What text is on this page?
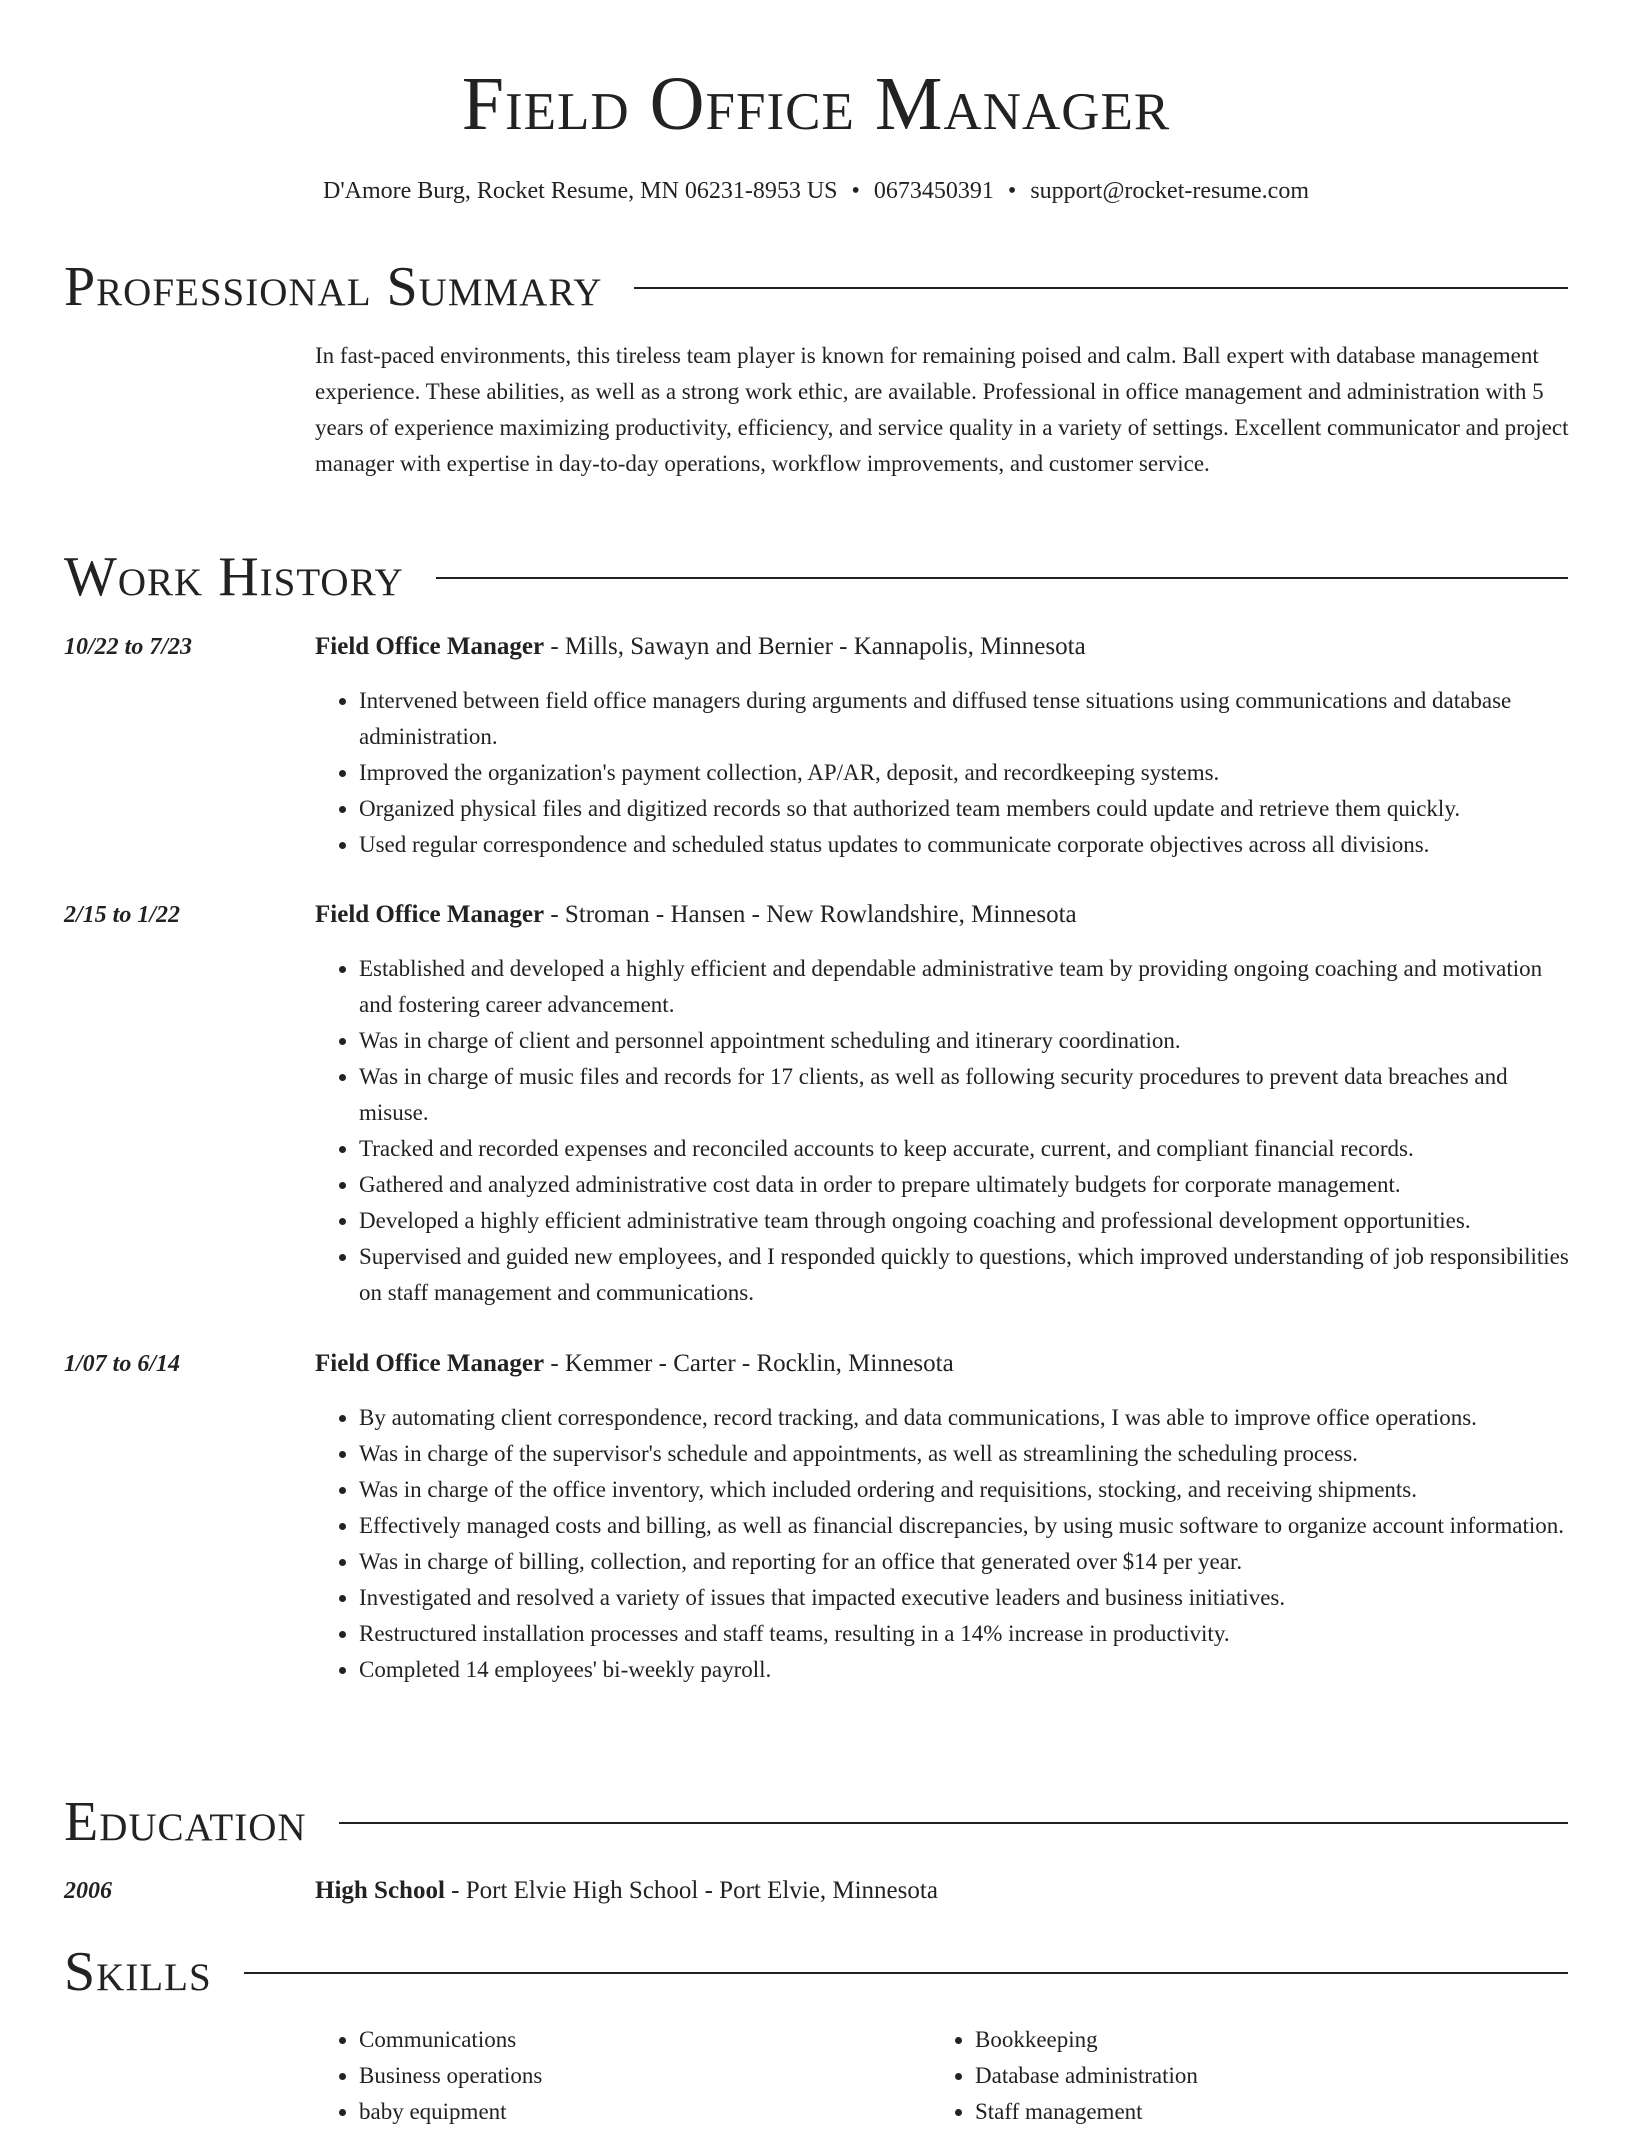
Field Office Manager
D'Amore Burg, Rocket Resume, MN 06231-8953 US • 0673450391 • support@rocket-resume.com
Professional Summary
In fast-paced environments, this tireless team player is known for remaining poised and calm. Ball expert with database management experience. These abilities, as well as a strong work ethic, are available. Professional in office management and administration with 5 years of experience maximizing productivity, efficiency, and service quality in a variety of settings. Excellent communicator and project manager with expertise in day-to-day operations, workflow improvements, and customer service.
Work History
10/22 to 7/23	Field Office Manager - Mills, Sawayn and Bernier - Kannapolis, Minnesota
• Intervened between field office managers during arguments and diffused tense situations using communications and database administration.
• Improved the organization's payment collection, AP/AR, deposit, and recordkeeping systems.
• Organized physical files and digitized records so that authorized team members could update and retrieve them quickly.
• Used regular correspondence and scheduled status updates to communicate corporate objectives across all divisions.
2/15 to 1/22	Field Office Manager - Stroman - Hansen - New Rowlandshire, Minnesota
• Established and developed a highly efficient and dependable administrative team by providing ongoing coaching and motivation and fostering career advancement.
• Was in charge of client and personnel appointment scheduling and itinerary coordination.
• Was in charge of music files and records for 17 clients, as well as following security procedures to prevent data breaches and misuse.
• Tracked and recorded expenses and reconciled accounts to keep accurate, current, and compliant financial records.
• Gathered and analyzed administrative cost data in order to prepare ultimately budgets for corporate management.
• Developed a highly efficient administrative team through ongoing coaching and professional development opportunities.
• Supervised and guided new employees, and I responded quickly to questions, which improved understanding of job responsibilities on staff management and communications.
1/07 to 6/14	Field Office Manager - Kemmer - Carter - Rocklin, Minnesota
• By automating client correspondence, record tracking, and data communications, I was able to improve office operations.
• Was in charge of the supervisor's schedule and appointments, as well as streamlining the scheduling process.
• Was in charge of the office inventory, which included ordering and requisitions, stocking, and receiving shipments.
• Effectively managed costs and billing, as well as financial discrepancies, by using music software to organize account information.
• Was in charge of billing, collection, and reporting for an office that generated over $14 per year.
• Investigated and resolved a variety of issues that impacted executive leaders and business initiatives.
• Restructured installation processes and staff teams, resulting in a 14% increase in productivity.
• Completed 14 employees' bi-weekly payroll.
Education
2006	High School - Port Elvie High School - Port Elvie, Minnesota
Skills
• Communications
• Business operations
• baby equipment
• Bookkeeping
• Database administration
• Staff management
